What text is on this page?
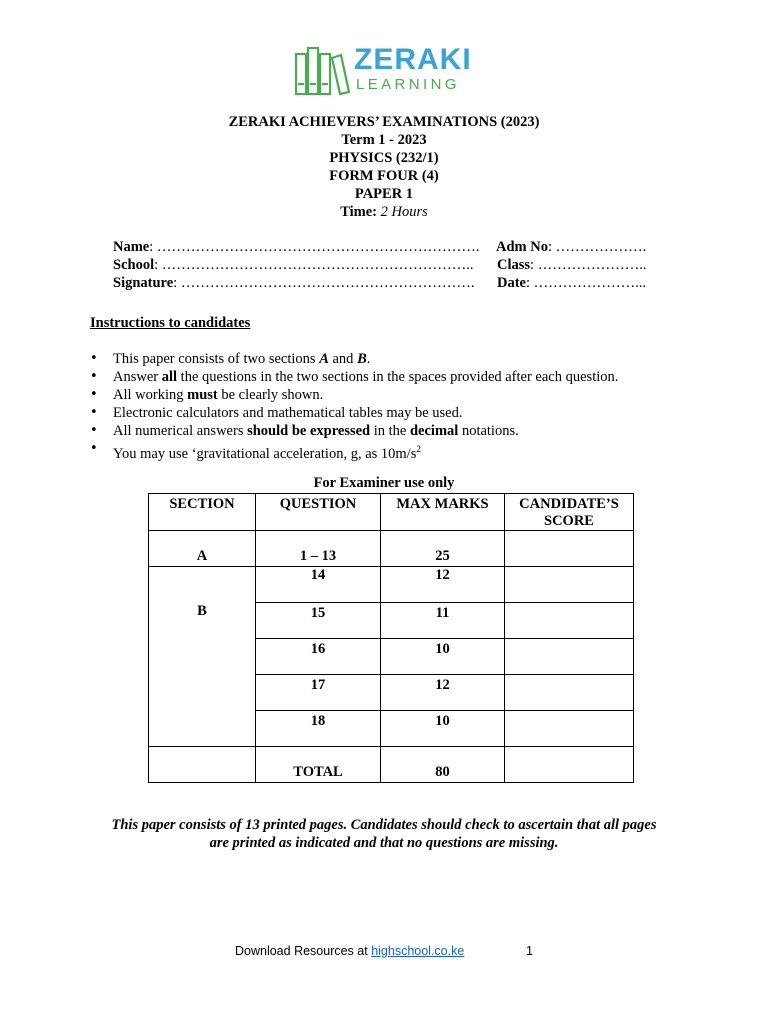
ZERAKI
LEARNING
ZERAKI ACHIEVERS’ EXAMINATIONS (2023)
Term 1 - 2023
PHYSICS (232/1)
FORM FOUR (4)
PAPER 1
Time: 2 Hours
Name: …………………………………………………………. Adm No: ……………….
School: ……………………………………………………….. Class: …………………..
Signature: ……………………………………………………. Date: …………………...
Instructions to candidates
• This paper consists of two sections A and B.
• Answer all the questions in the two sections in the spaces provided after each question.
• All working must be clearly shown.
• Electronic calculators and mathematical tables may be used.
• All numerical answers should be expressed in the decimal notations.
• You may use ‘gravitational acceleration, g, as $10m/s^2$
For Examiner use only
SECTION	QUESTION	MAX MARKS	CANDIDATE’S SCORE
A	1 – 13	25	
B	14	12	
	15	11	
	16	10	
	17	12	
	18	10	
	TOTAL	80	
This paper consists of 13 printed pages. Candidates should check to ascertain that all pages
are printed as indicated and that no questions are missing.
Download Resources at highschool.co.ke	1
